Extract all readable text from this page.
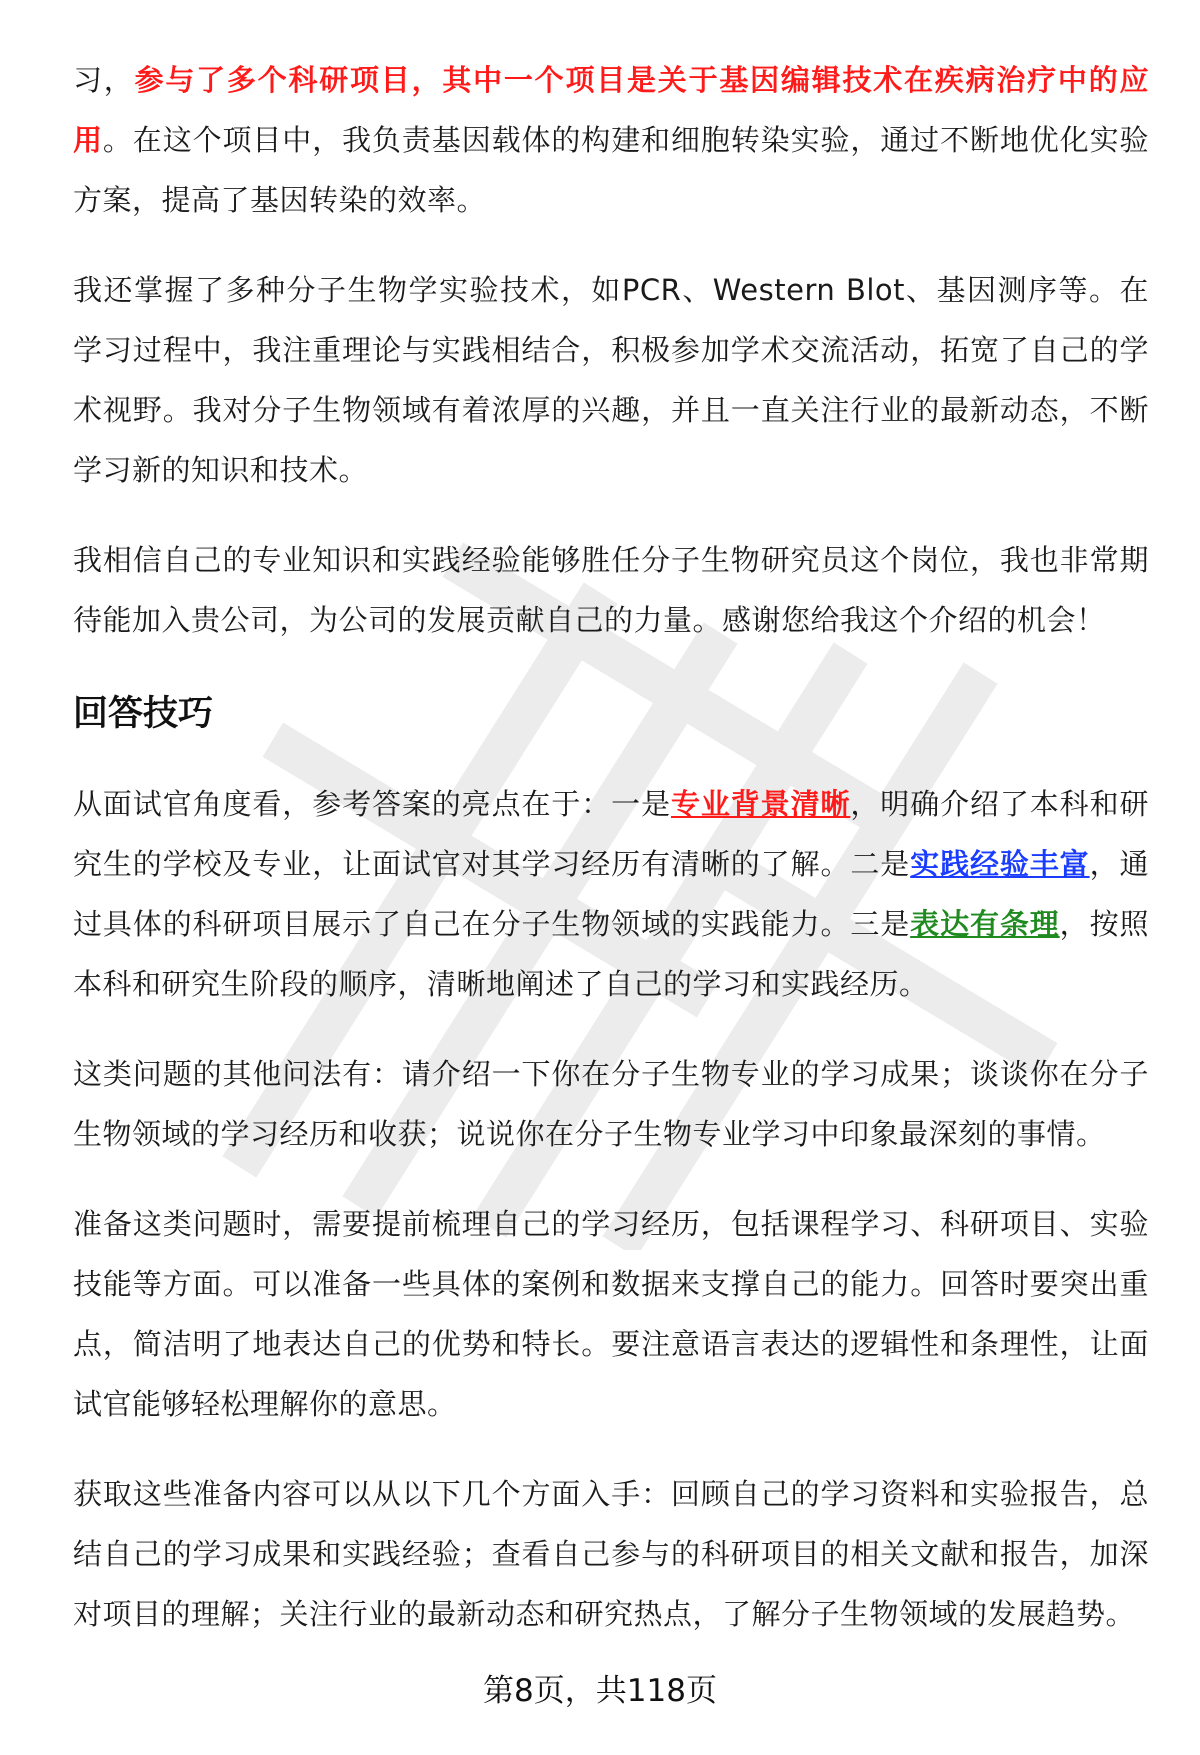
习，参与了多个科研项目，其中一个项目是关于基因编辑技术在疾病治疗中的应用。在这个项目中，我负责基因载体的构建和细胞转染实验，通过不断地优化实验方案，提高了基因转染的效率。

我还掌握了多种分子生物学实验技术，如PCR、Western Blot、基因测序等。在学习过程中，我注重理论与实践相结合，积极参加学术交流活动，拓宽了自己的学术视野。我对分子生物领域有着浓厚的兴趣，并且一直关注行业的最新动态，不断学习新的知识和技术。

我相信自己的专业知识和实践经验能够胜任分子生物研究员这个岗位，我也非常期待能加入贵公司，为公司的发展贡献自己的力量。感谢您给我这个介绍的机会！

回答技巧

从面试官角度看，参考答案的亮点在于：一是专业背景清晰，明确介绍了本科和研究生的学校及专业，让面试官对其学习经历有清晰的了解。二是实践经验丰富，通过具体的科研项目展示了自己在分子生物领域的实践能力。三是表达有条理，按照本科和研究生阶段的顺序，清晰地阐述了自己的学习和实践经历。

这类问题的其他问法有：请介绍一下你在分子生物专业的学习成果；谈谈你在分子生物领域的学习经历和收获；说说你在分子生物专业学习中印象最深刻的事情。

准备这类问题时，需要提前梳理自己的学习经历，包括课程学习、科研项目、实验技能等方面。可以准备一些具体的案例和数据来支撑自己的能力。回答时要突出重点，简洁明了地表达自己的优势和特长。要注意语言表达的逻辑性和条理性，让面试官能够轻松理解你的意思。

获取这些准备内容可以从以下几个方面入手：回顾自己的学习资料和实验报告，总结自己的学习成果和实践经验；查看自己参与的科研项目的相关文献和报告，加深对项目的理解；关注行业的最新动态和研究热点，了解分子生物领域的发展趋势。

第8页，共118页
